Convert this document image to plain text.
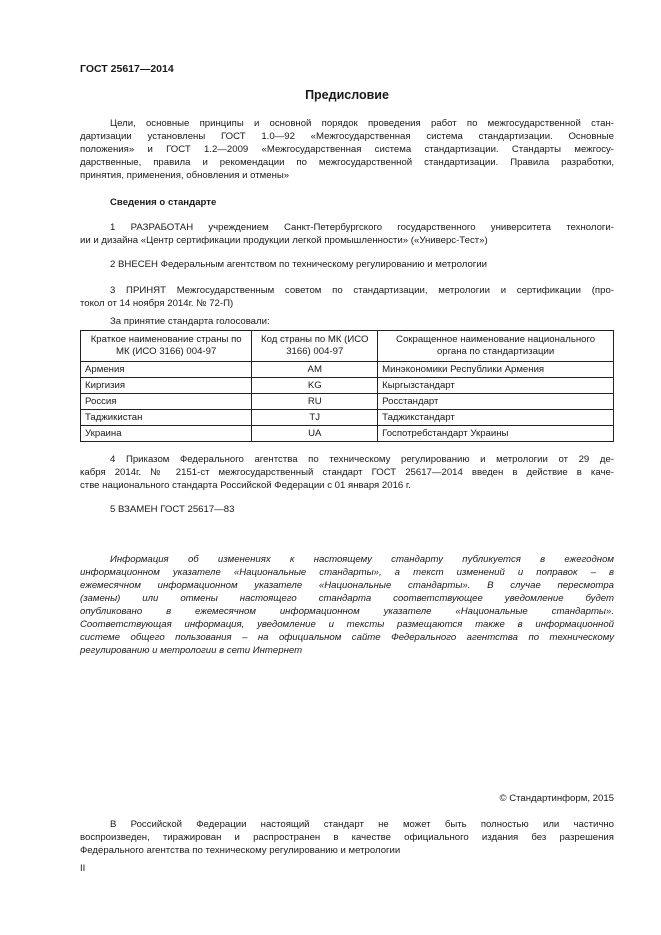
ГОСТ 25617—2014
Предисловие
Цели, основные принципы и основной порядок проведения работ по межгосударственной стан-
дартизации установлены ГОСТ 1.0—92 «Межгосударственная система стандартизации. Основные
положения» и ГОСТ 1.2—2009 «Межгосударственная система стандартизации. Стандарты межгосу-
дарственные, правила и рекомендации по межгосударственной стандартизации. Правила разработки,
принятия, применения, обновления и отмены»
Сведения о стандарте
1 РАЗРАБОТАН учреждением Санкт-Петербургского государственного университета технологи-
ии и дизайна «Центр сертификации продукции легкой промышленности» («Универс-Тест»)
2 ВНЕСЕН Федеральным агентством по техническому регулированию и метрологии
3 ПРИНЯТ Межгосударственным советом по стандартизации, метрологии и сертификации (про-
токол от 14 ноября 2014г. № 72-П)
За принятие стандарта голосовали:
Краткое наименование страны по МК (ИСО 3166) 004-97	Код страны по МК (ИСО 3166) 004-97	Сокращенное наименование национального органа по стандартизации
Армения	AM	Минэкономики Республики Армения
Киргизия	KG	Кыргызстандарт
Россия	RU	Росстандарт
Таджикистан	TJ	Таджикстандарт
Украина	UA	Госпотребстандарт Украины
4 Приказом Федерального агентства по техническому регулированию и метрологии от 29 де-
кабря 2014г. № 2151-ст межгосударственный стандарт ГОСТ 25617—2014 введен в действие в каче-
стве национального стандарта Российской Федерации с 01 января 2016 г.
5 ВЗАМЕН ГОСТ 25617—83
Информация об изменениях к настоящему стандарту публикуется в ежегодном
информационном указателе «Национальные стандарты», а текст изменений и поправок – в
ежемесячном информационном указателе «Национальные стандарты». В случае пересмотра
(замены) или отмены настоящего стандарта соответствующее уведомление будет
опубликовано в ежемесячном информационном указателе «Национальные стандарты».
Соответствующая информация, уведомление и тексты размещаются также в информационной
системе общего пользования – на официальном сайте Федерального агентства по техническому
регулированию и метрологии в сети Интернет
© Стандартинформ, 2015
В Российской Федерации настоящий стандарт не может быть полностью или частично
воспроизведен, тиражирован и распространен в качестве официального издания без разрешения
Федерального агентства по техническому регулированию и метрологии
II
